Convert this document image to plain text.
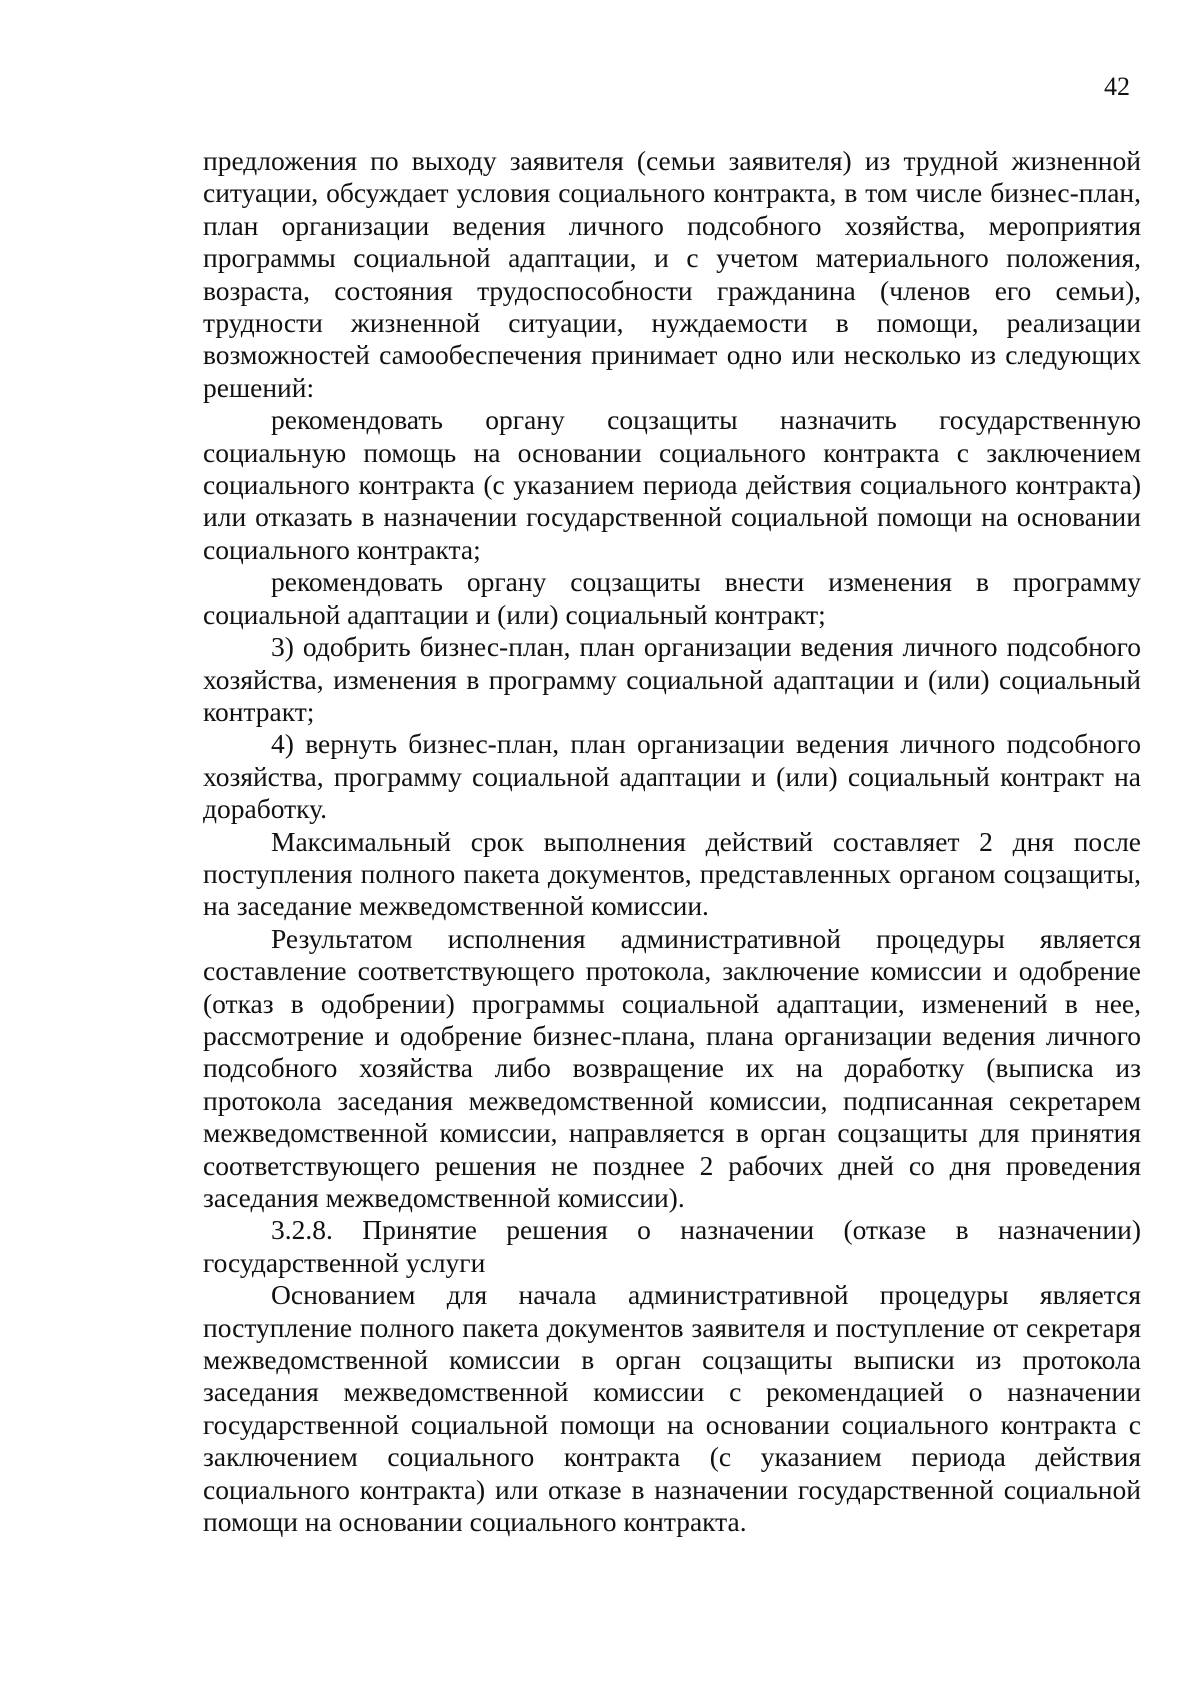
42

предложения по выходу заявителя (семьи заявителя) из трудной жизненной ситуации, обсуждает условия социального контракта, в том числе бизнес-план, план организации ведения личного подсобного хозяйства, мероприятия программы социальной адаптации, и с учетом материального положения, возраста, состояния трудоспособности гражданина (членов его семьи), трудности жизненной ситуации, нуждаемости в помощи, реализации возможностей самообеспечения принимает одно или несколько из следующих решений:

рекомендовать органу соцзащиты назначить государственную социальную помощь на основании социального контракта с заключением социального контракта (с указанием периода действия социального контракта) или отказать в назначении государственной социальной помощи на основании социального контракта;

рекомендовать органу соцзащиты внести изменения в программу социальной адаптации и (или) социальный контракт;

3) одобрить бизнес-план, план организации ведения личного подсобного хозяйства, изменения в программу социальной адаптации и (или) социальный контракт;

4) вернуть бизнес-план, план организации ведения личного подсобного хозяйства, программу социальной адаптации и (или) социальный контракт на доработку.

Максимальный срок выполнения действий составляет 2 дня после поступления полного пакета документов, представленных органом соцзащиты, на заседание межведомственной комиссии.

Результатом исполнения административной процедуры является составление соответствующего протокола, заключение комиссии и одобрение (отказ в одобрении) программы социальной адаптации, изменений в нее, рассмотрение и одобрение бизнес-плана, плана организации ведения личного подсобного хозяйства либо возвращение их на доработку (выписка из протокола заседания межведомственной комиссии, подписанная секретарем межведомственной комиссии, направляется в орган соцзащиты для принятия соответствующего решения не позднее 2 рабочих дней со дня проведения заседания межведомственной комиссии).

3.2.8. Принятие решения о назначении (отказе в назначении) государственной услуги

Основанием для начала административной процедуры является поступление полного пакета документов заявителя и поступление от секретаря межведомственной комиссии в орган соцзащиты выписки из протокола заседания межведомственной комиссии с рекомендацией о назначении государственной социальной помощи на основании социального контракта с заключением социального контракта (с указанием периода действия социального контракта) или отказе в назначении государственной социальной помощи на основании социального контракта.
